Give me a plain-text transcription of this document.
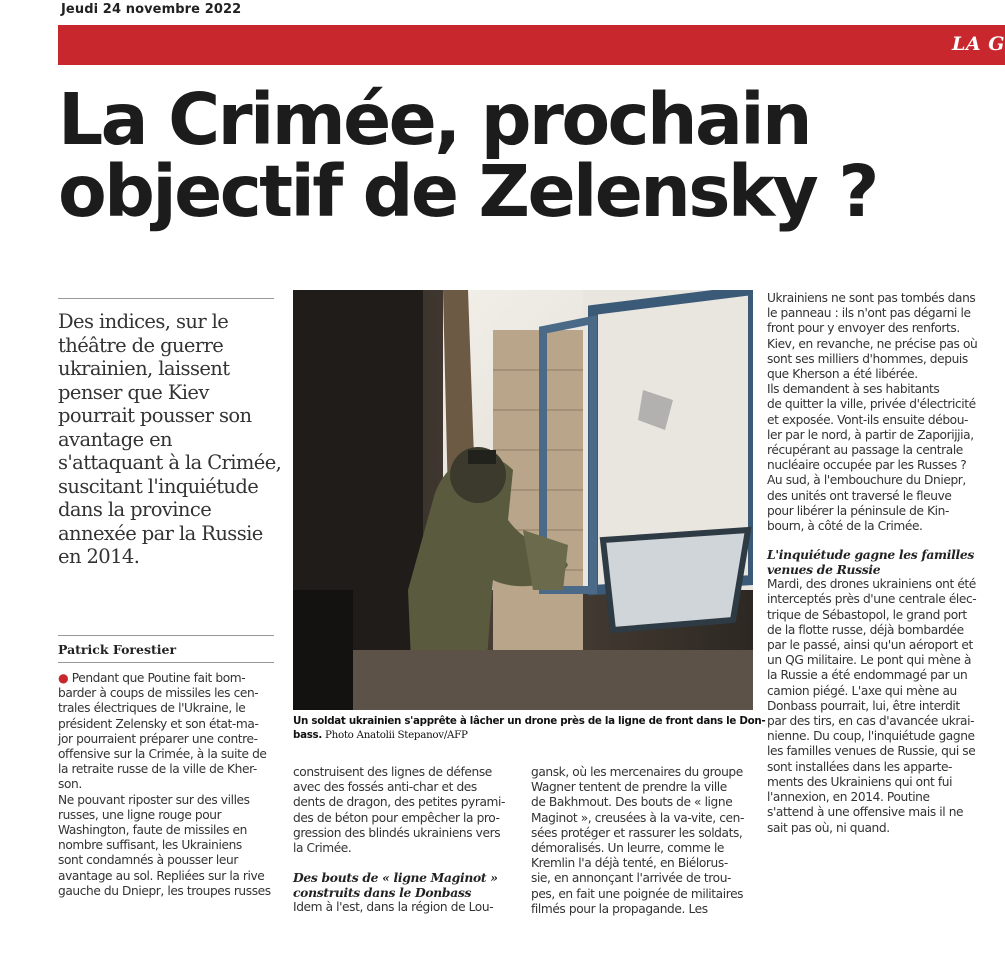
Jeudi 24 novembre 2022
LA G
La Crimée, prochain
objectif de Zelensky ?
Des indices, sur le
théâtre de guerre
ukrainien, laissent
penser que Kiev
pourrait pousser son
avantage en
s'attaquant à la Crimée,
suscitant l'inquiétude
dans la province
annexée par la Russie
en 2014.
Patrick Forestier
● Pendant que Poutine fait bom-
barder à coups de missiles les cen-
trales électriques de l'Ukraine, le
président Zelensky et son état-ma-
jor pourraient préparer une contre-
offensive sur la Crimée, à la suite de
la retraite russe de la ville de Kher-
son.
Ne pouvant riposter sur des villes
russes, une ligne rouge pour
Washington, faute de missiles en
nombre suffisant, les Ukrainiens
sont condamnés à pousser leur
avantage au sol. Repliées sur la rive
gauche du Dniepr, les troupes russes
Un soldat ukrainien s'apprête à lâcher un drone près de la ligne de front dans le Don-
bass. Photo Anatolii Stepanov/AFP
construisent des lignes de défense
avec des fossés anti-char et des
dents de dragon, des petites pyrami-
des de béton pour empêcher la pro-
gression des blindés ukrainiens vers
la Crimée.
Des bouts de « ligne Maginot »
construits dans le Donbass
Idem à l'est, dans la région de Lou-
gansk, où les mercenaires du groupe
Wagner tentent de prendre la ville
de Bakhmout. Des bouts de « ligne
Maginot », creusées à la va-vite, cen-
sées protéger et rassurer les soldats,
démoralisés. Un leurre, comme le
Kremlin l'a déjà tenté, en Biélorus-
sie, en annonçant l'arrivée de trou-
pes, en fait une poignée de militaires
filmés pour la propagande. Les
Ukrainiens ne sont pas tombés dans
le panneau : ils n'ont pas dégarni le
front pour y envoyer des renforts.
Kiev, en revanche, ne précise pas où
sont ses milliers d'hommes, depuis
que Kherson a été libérée.
Ils demandent à ses habitants
de quitter la ville, privée d'électricité
et exposée. Vont-ils ensuite débou-
ler par le nord, à partir de Zaporijjia,
récupérant au passage la centrale
nucléaire occupée par les Russes ?
Au sud, à l'embouchure du Dniepr,
des unités ont traversé le fleuve
pour libérer la péninsule de Kin-
bourn, à côté de la Crimée.
L'inquiétude gagne les familles
venues de Russie
Mardi, des drones ukrainiens ont été
interceptés près d'une centrale élec-
trique de Sébastopol, le grand port
de la flotte russe, déjà bombardée
par le passé, ainsi qu'un aéroport et
un QG militaire. Le pont qui mène à
la Russie a été endommagé par un
camion piégé. L'axe qui mène au
Donbass pourrait, lui, être interdit
par des tirs, en cas d'avancée ukrai-
nienne. Du coup, l'inquiétude gagne
les familles venues de Russie, qui se
sont installées dans les apparte-
ments des Ukrainiens qui ont fui
l'annexion, en 2014. Poutine
s'attend à une offensive mais il ne
sait pas où, ni quand.
